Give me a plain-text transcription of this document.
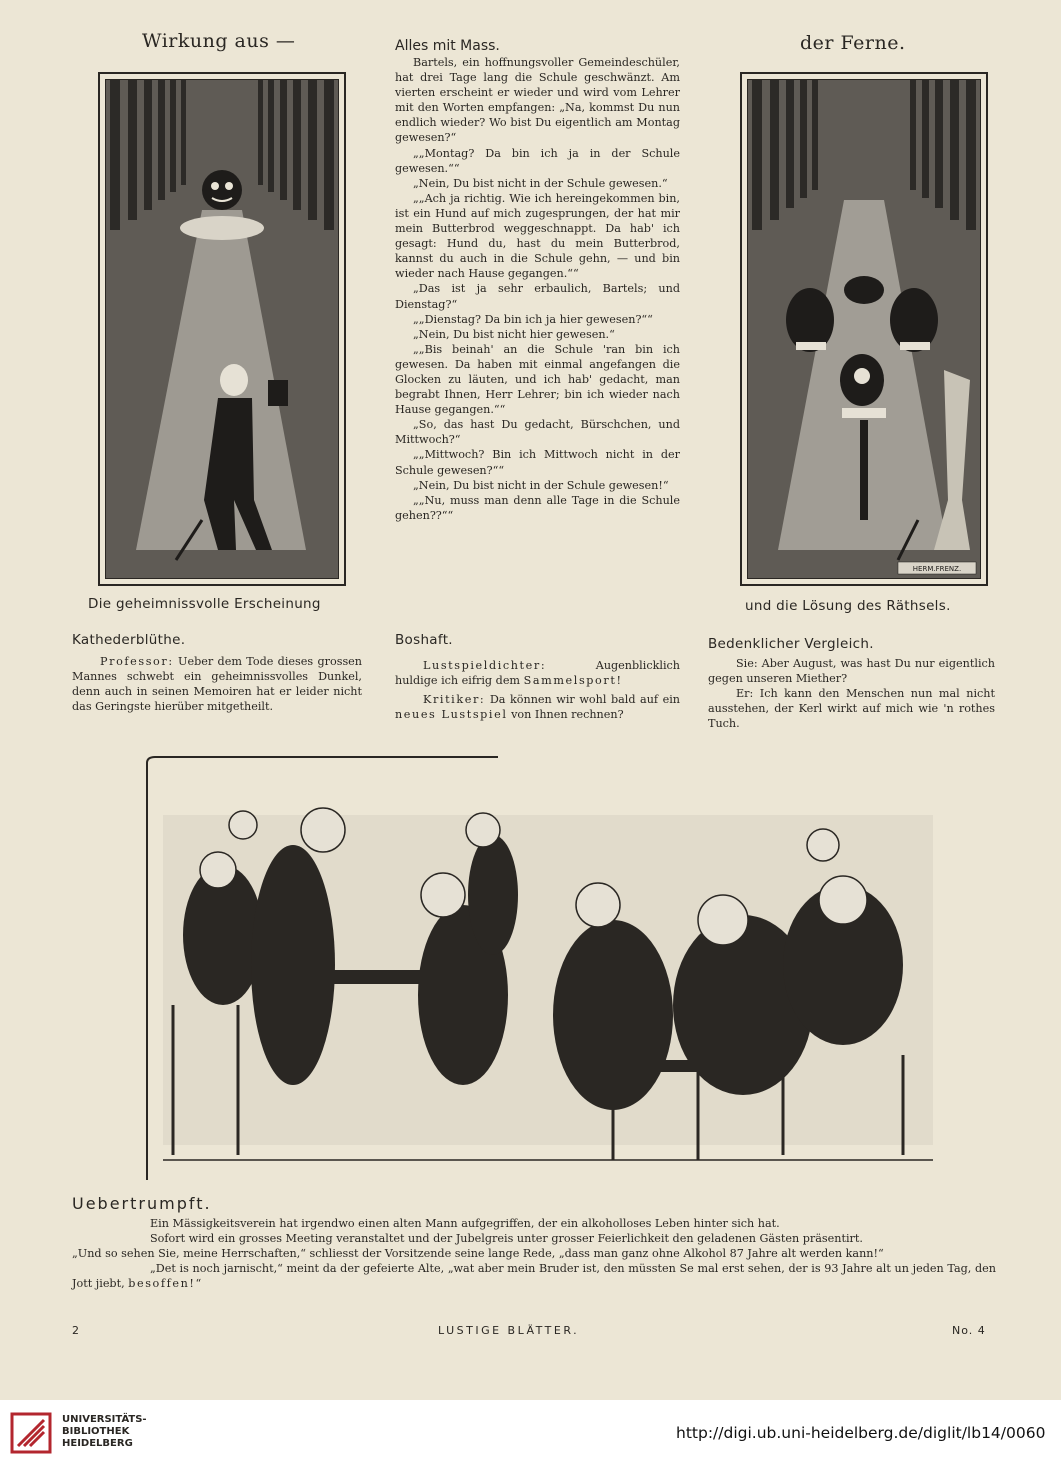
Wirkung aus —	Alles mit Mass.	der Ferne.
HERM.FRENZ.

Bartels, ein hoffnungsvoller Gemeindeschüler, hat drei Tage lang die Schule geschwänzt. Am vierten erscheint er wieder und wird vom Lehrer mit den Worten empfangen: „Na, kommst Du nun endlich wieder? Wo bist Du eigentlich am Montag gewesen?“

„„Montag? Da bin ich ja in der Schule gewesen.““

„Nein, Du bist nicht in der Schule gewesen.“

„„Ach ja richtig. Wie ich hereingekommen bin, ist ein Hund auf mich zugesprungen, der hat mir mein Butterbrod weggeschnappt. Da hab' ich gesagt: Hund du, hast du mein Butterbrod, kannst du auch in die Schule gehn, — und bin wieder nach Hause gegangen.““

„Das ist ja sehr erbaulich, Bartels; und Dienstag?“

„„Dienstag? Da bin ich ja hier gewesen?““

„Nein, Du bist nicht hier gewesen.“

„„Bis beinah' an die Schule 'ran bin ich gewesen. Da haben mit einmal angefangen die Glocken zu läuten, und ich hab' gedacht, man begrabt Ihnen, Herr Lehrer; bin ich wieder nach Hause gegangen.““

„So, das hast Du gedacht, Bürschchen, und Mittwoch?“

„„Mittwoch? Bin ich Mittwoch nicht in der Schule gewesen?““

„Nein, Du bist nicht in der Schule gewesen!“

„„Nu, muss man denn alle Tage in die Schule gehen??““

Die geheimnissvolle Erscheinung	und die Lösung des Räthsels.
Kathederblüthe.

Professor: Ueber dem Tode dieses grossen Mannes schwebt ein geheimnissvolles Dunkel, denn auch in seinen Memoiren hat er leider nicht das Geringste hierüber mitgetheilt.

Boshaft.

Lustspieldichter:	Augenblicklich huldige ich eifrig dem Sammelsport!

Kritiker: Da können wir wohl bald auf ein neues Lustspiel von Ihnen rechnen?

Bedenklicher Vergleich.

Sie: Aber August, was hast Du nur eigentlich gegen unseren Miether?

Er: Ich kann den Menschen nun mal nicht ausstehen, der Kerl wirkt auf mich wie 'n rothes Tuch.

Uebertrumpft.

Ein Mässigkeitsverein hat irgendwo einen alten Mann aufgegriffen, der ein alkoholloses Leben hinter sich hat.

Sofort wird ein grosses Meeting veranstaltet und der Jubelgreis unter grosser Feierlichkeit den geladenen Gästen präsentirt.

„Und so sehen Sie, meine Herrschaften,“ schliesst der Vorsitzende seine lange Rede, „dass man ganz ohne Alkohol 87 Jahre alt werden kann!“

„Det is noch jarnischt,“ meint da der gefeierte Alte, „wat aber mein Bruder ist, den müssten Se mal erst sehen, der is 93 Jahre alt un jeden Tag, den Jott jiebt, besoffen!“

2	LUSTIGE BLÄTTER.	No. 4
UNIVERSITÄTS-
BIBLIOTHEK
HEIDELBERG
http://digi.ub.uni-heidelberg.de/diglit/lb14/0060
